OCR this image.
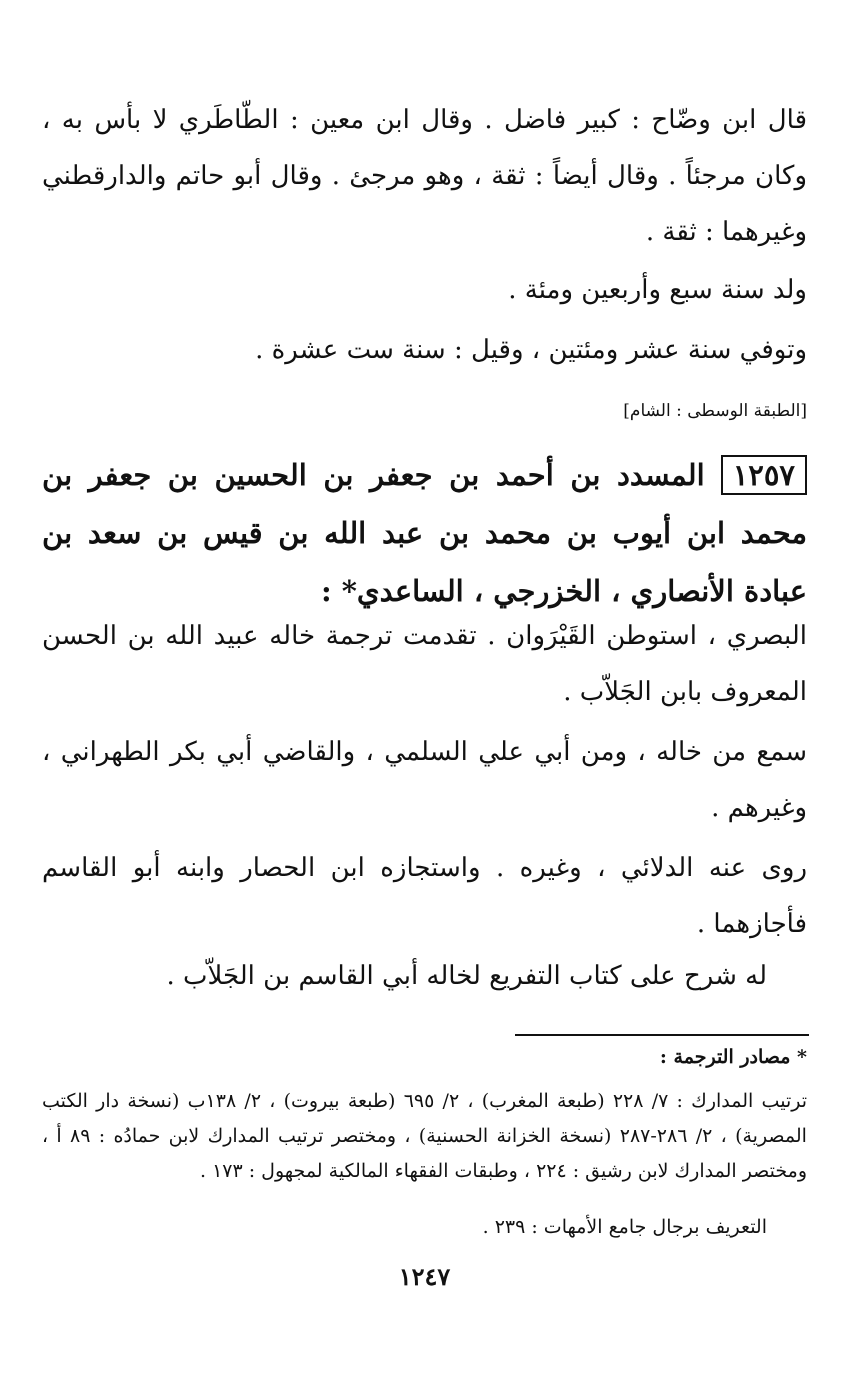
قال ابن وضّاح : كبير فاضل . وقال ابن معين : الطّاطَري لا بأس به ، وكان مرجئاً . وقال أيضاً : ثقة ، وهو مرجئ . وقال أبو حاتم والدارقطني وغيرهما : ثقة .

ولد سنة سبع وأربعين ومئة .

وتوفي سنة عشر ومئتين ، وقيل : سنة ست عشرة .

[الطبقة الوسطى : الشام]
١٢٥٧المسدد بن أحمد بن جعفر بن الحسين بن جعفر بن محمد ابن أيوب بن محمد بن عبد الله بن قيس بن سعد بن عبادة الأنصاري ، الخزرجي ، الساعدي* :

البصري ، استوطن القَيْرَوان . تقدمت ترجمة خاله عبيد الله بن الحسن المعروف بابن الجَلاّب .

سمع من خاله ، ومن أبي علي السلمي ، والقاضي أبي بكر الطهراني ، وغيرهم .

روى عنه الدلائي ، وغيره . واستجازه ابن الحصار وابنه أبو القاسم فأجازهما .

له شرح على كتاب التفريع لخاله أبي القاسم بن الجَلاّب .

* مصادر الترجمة :

ترتيب المدارك : ٧/ ٢٢٨ (طبعة المغرب) ، ٢/ ٦٩٥ (طبعة بيروت) ، ٢/ ١٣٨ب (نسخة دار الكتب المصرية) ، ٢/ ٢٨٦-٢٨٧ (نسخة الخزانة الحسنية) ، ومختصر ترتيب المدارك لابن حمادُه : ٨٩ أ ، ومختصر المدارك لابن رشيق : ٢٢٤ ، وطبقات الفقهاء المالكية لمجهول : ١٧٣ .

التعريف برجال جامع الأمهات : ٢٣٩ .
١٢٤٧
